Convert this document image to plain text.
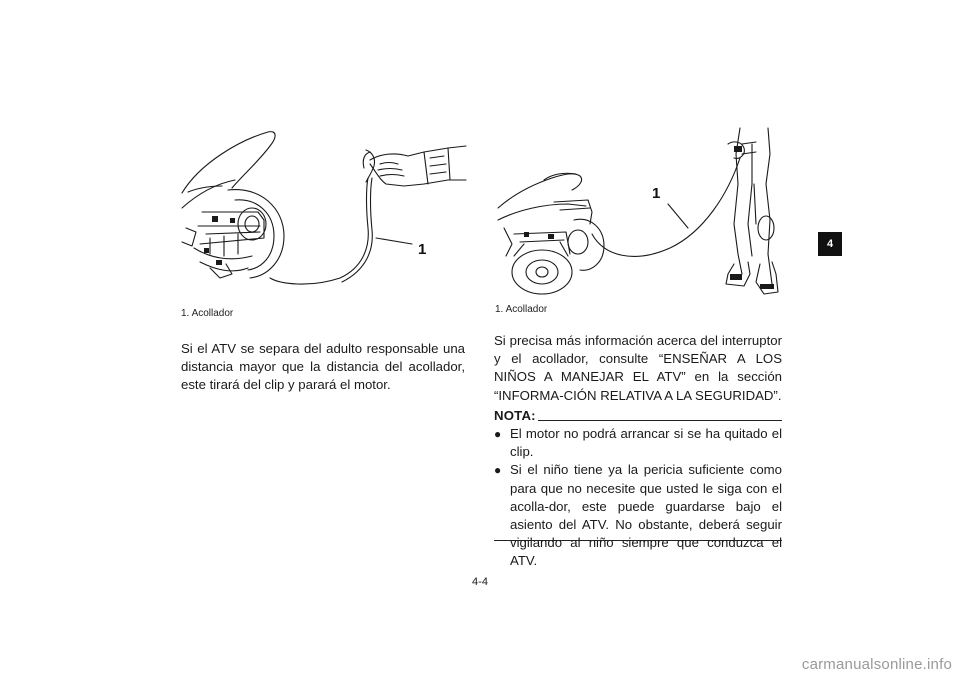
1
1. Acollador

Si el ATV se separa del adulto responsable una distancia mayor que la distancia del acollador, este tirará del clip y parará el motor.

1
1. Acollador

Si precisa más información acerca del interruptor y el acollador, consulte “ENSEÑAR A LOS NIÑOS A MANEJAR EL ATV” en la sección “INFORMA-CIÓN RELATIVA A LA SEGURIDAD”.

NOTA:
● El motor no podrá arrancar si se ha quitado el clip.
● Si el niño tiene ya la pericia suficiente como para que no necesite que usted le siga con el acolla-dor, este puede guardarse bajo el asiento del ATV. No obstante, deberá seguir vigilando al niño siempre que conduzca el ATV.
4-4
4
carmanualsonline.info
